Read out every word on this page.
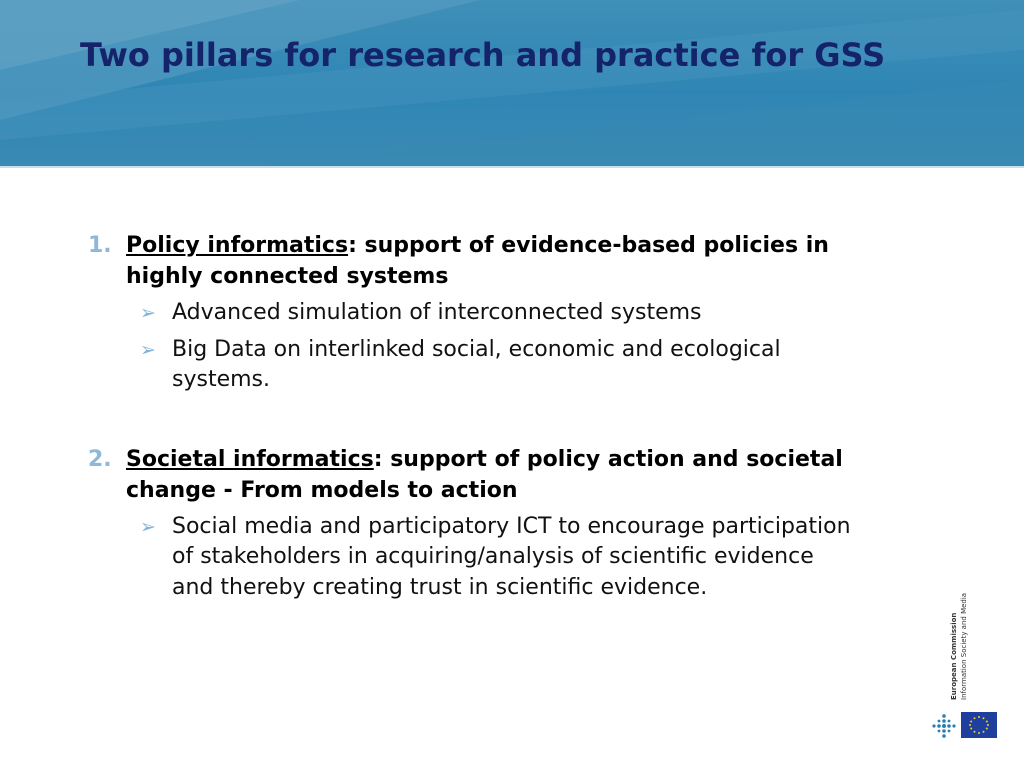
Two pillars for research and practice for GSS
1. Policy informatics: support of evidence-based policies in highly connected systems
➢ Advanced simulation of interconnected systems
➢ Big Data on interlinked social, economic and ecological systems.
2. Societal informatics: support of policy action and societal change - From models to action
➢ Social media and participatory ICT to encourage participation of stakeholders in acquiring/analysis of scientific evidence and thereby creating trust in scientific evidence.
European Commission Information Society and Media
